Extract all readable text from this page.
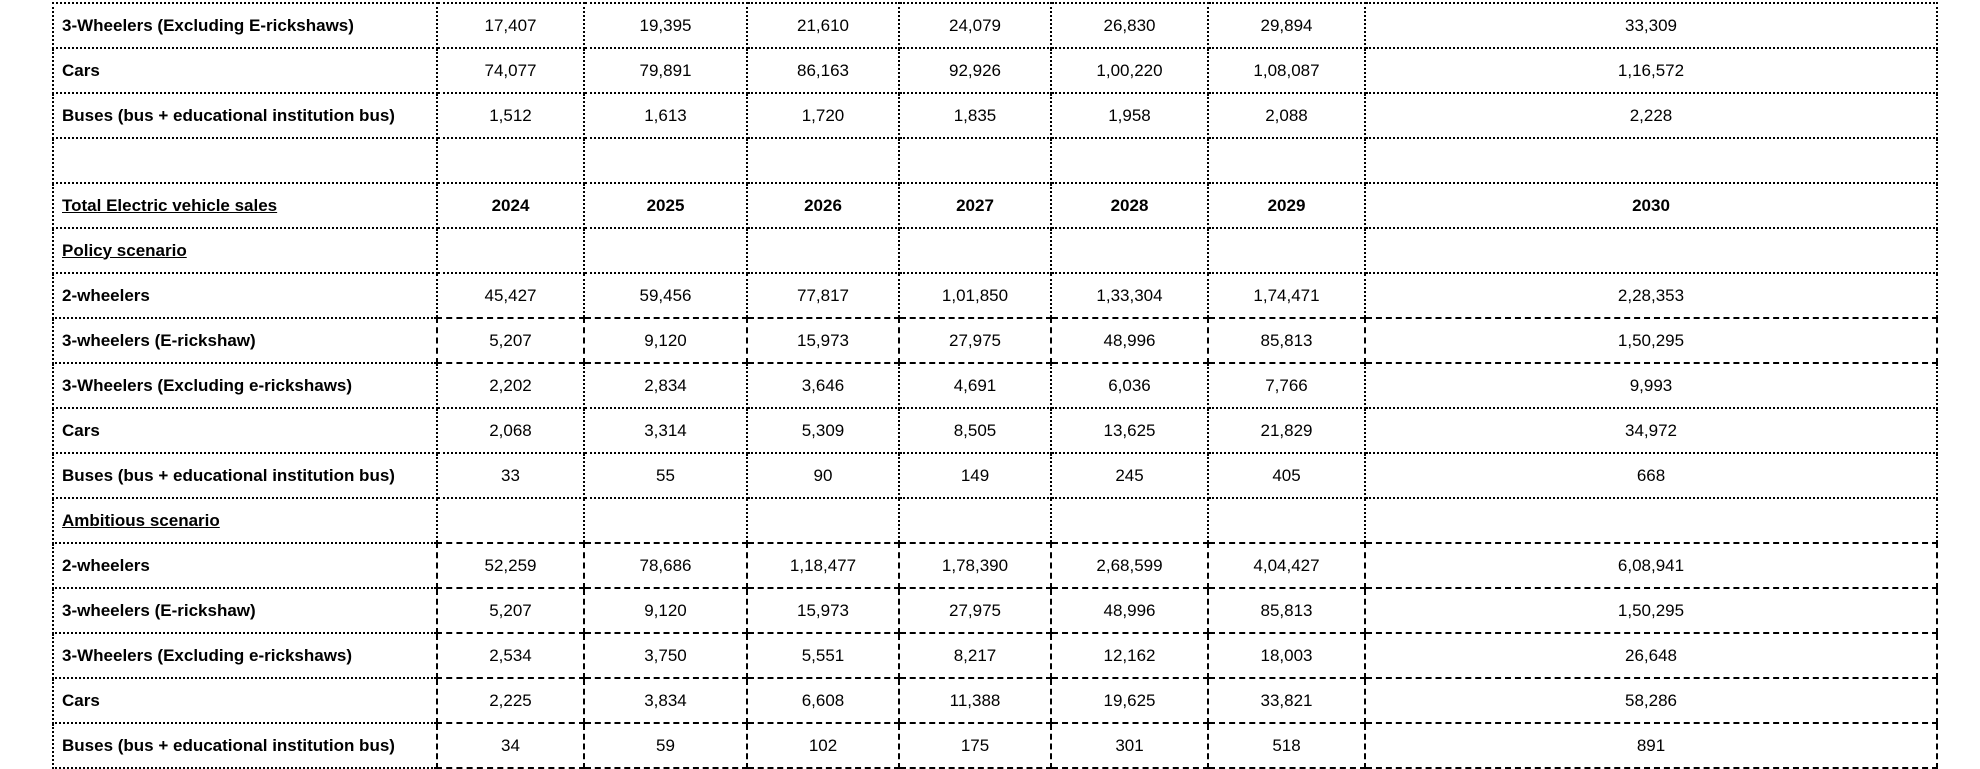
3-Wheelers (Excluding E-rickshaws)	17,407	19,395	21,610	24,079	26,830	29,894	33,309
Cars	74,077	79,891	86,163	92,926	1,00,220	1,08,087	1,16,572
Buses (bus + educational institution bus)	1,512	1,613	1,720	1,835	1,958	2,088	2,228

Total Electric vehicle sales	2024	2025	2026	2027	2028	2029	2030
Policy scenario							
2-wheelers	45,427	59,456	77,817	1,01,850	1,33,304	1,74,471	2,28,353
3-wheelers (E-rickshaw)	5,207	9,120	15,973	27,975	48,996	85,813	1,50,295
3-Wheelers (Excluding e-rickshaws)	2,202	2,834	3,646	4,691	6,036	7,766	9,993
Cars	2,068	3,314	5,309	8,505	13,625	21,829	34,972
Buses (bus + educational institution bus)	33	55	90	149	245	405	668
Ambitious scenario							
2-wheelers	52,259	78,686	1,18,477	1,78,390	2,68,599	4,04,427	6,08,941
3-wheelers (E-rickshaw)	5,207	9,120	15,973	27,975	48,996	85,813	1,50,295
3-Wheelers (Excluding e-rickshaws)	2,534	3,750	5,551	8,217	12,162	18,003	26,648
Cars	2,225	3,834	6,608	11,388	19,625	33,821	58,286
Buses (bus + educational institution bus)	34	59	102	175	301	518	891
